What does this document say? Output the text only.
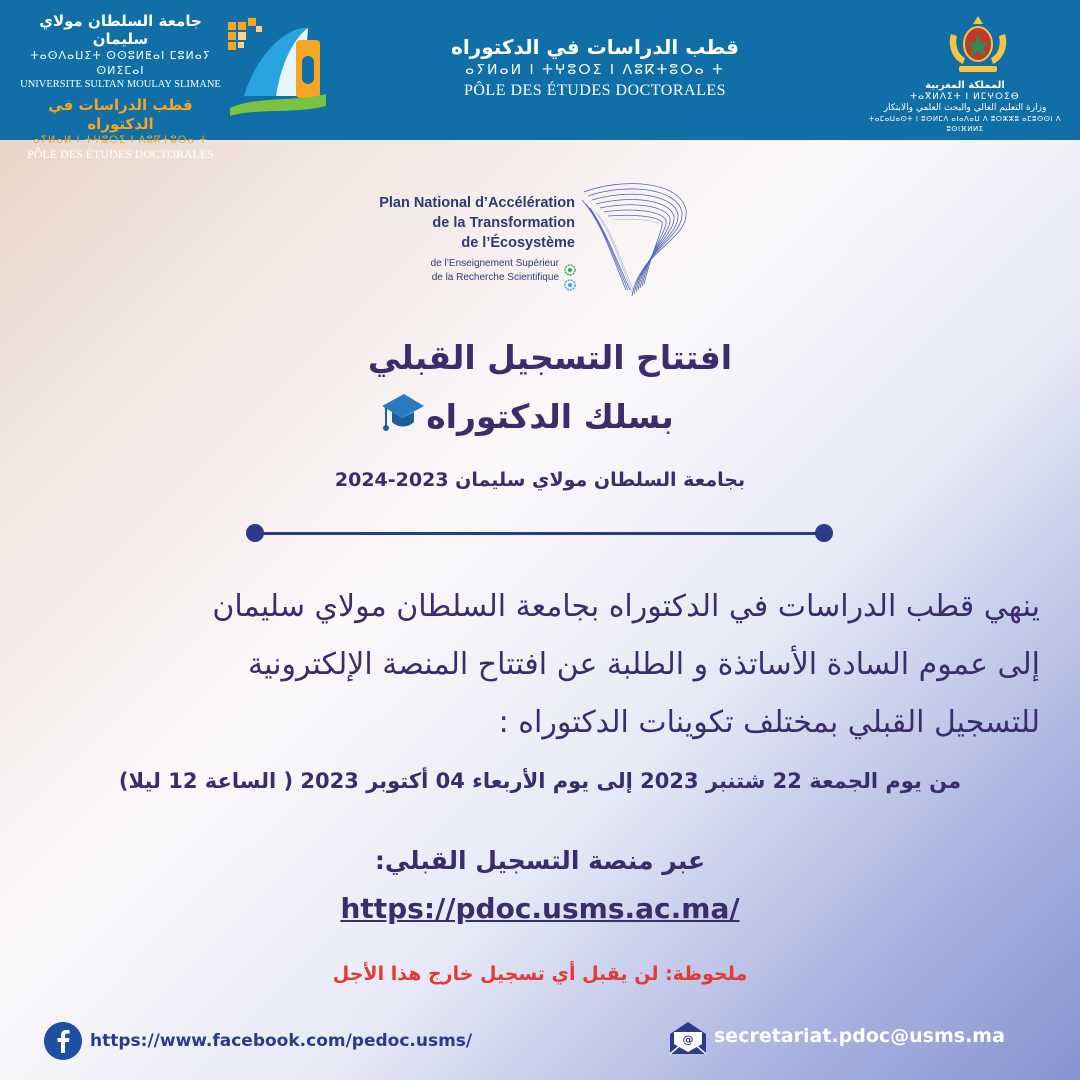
جامعة السلطان مولاي سليمان
ⵜⴰⵙⴷⴰⵡⵉⵜ ⵙⵙⵓⵍⵟⴰⵏ ⵎⵓⵍⴰⵢ ⵙⵍⵉⵎⴰⵏ
UNIVERSITE SULTAN MOULAY SLIMANE
قطب الدراسات في الدكتوراه
ⴰⵢⵍⴰⵍ ⵏ ⵜⵖⵓⵔⵉ ⵏ ⴷⵓⴽⵜⵓⵔⴰ ⵜ
PÔLE DES ÉTUDES DOCTORALES
قطب الدراسات في الدكتوراه
ⴰⵢⵍⴰⵍ ⵏ ⵜⵖⵓⵔⵉ ⵏ ⴷⵓⴽⵜⵓⵔⴰ ⵜ
PÔLE DES ÉTUDES DOCTORALES	المملكة المغربية
ⵜⴰⴳⵍⴷⵉⵜ ⵏ ⵍⵎⵖⵔⵉⴱ
وزارة التعليم العالي والبحث العلمي والابتكار
ⵜⴰⵎⴰⵡⴰⵙⵜ ⵏ ⵓⵙⵍⵎⴷ ⴰⵏⴰⴷⴰⵡ ⴷ ⵓⵔⵣⵣⵓ ⴰⵎⵓⵙⵙⵏ ⴷ ⵓⵙⵏⴼⵍⵍⵉ
Plan National d’Accélération
de la Transformation
de l’Écosystème
de l’Enseignement Supérieur
de la Recherche Scientifique
افتتاح التسجيل القبلي
بسلك الدكتوراه
بجامعة السلطان مولاي سليمان 2023-2024
ينهي قطب الدراسات في الدكتوراه بجامعة السلطان مولاي سليمان
إلى عموم السادة الأساتذة و الطلبة عن افتتاح المنصة الإلكترونية
للتسجيل القبلي بمختلف تكوينات الدكتوراه :
من يوم الجمعة 22 شتنبر 2023 إلى يوم الأربعاء 04 أكتوبر 2023 ( الساعة 12 ليلا)
عبر منصة التسجيل القبلي:
https://pdoc.usms.ac.ma/
ملحوظة: لن يقبل أي تسجيل خارج هذا الأجل
https://www.facebook.com/pedoc.usms/	@ secretariat.pdoc@usms.ma
